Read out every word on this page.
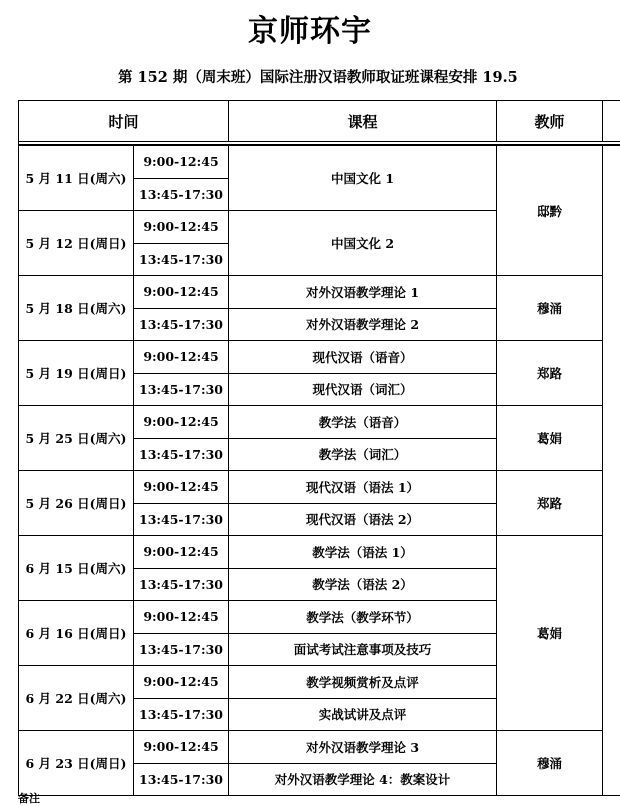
京师环宇
第 152 期（周末班）国际注册汉语教师取证班课程安排 19.5
时间		课程	教师	

5 月 11 日(周六)	9:00-12:45	中国文化 1	邸黔	
	13:45-17:30			
5 月 12 日(周日)	9:00-12:45	中国文化 2		
	13:45-17:30			
5 月 18 日(周六)	9:00-12:45	对外汉语教学理论 1	穆涌	
	13:45-17:30	对外汉语教学理论 2		
5 月 19 日(周日)	9:00-12:45	现代汉语（语音）	郑路	
	13:45-17:30	现代汉语（词汇）		
5 月 25 日(周六)	9:00-12:45	教学法（语音）	葛娟	
	13:45-17:30	教学法（词汇）		
5 月 26 日(周日)	9:00-12:45	现代汉语（语法 1）	郑路	
	13:45-17:30	现代汉语（语法 2）		
6 月 15 日(周六)	9:00-12:45	教学法（语法 1）	葛娟	
	13:45-17:30	教学法（语法 2）		
6 月 16 日(周日)	9:00-12:45	教学法（教学环节）		
	13:45-17:30	面试考试注意事项及技巧		
6 月 22 日(周六)	9:00-12:45	教学视频赏析及点评		
	13:45-17:30	实战试讲及点评		
6 月 23 日(周日)	9:00-12:45	对外汉语教学理论 3	穆涌	
	13:45-17:30	对外汉语教学理论 4：教案设计		
备注
